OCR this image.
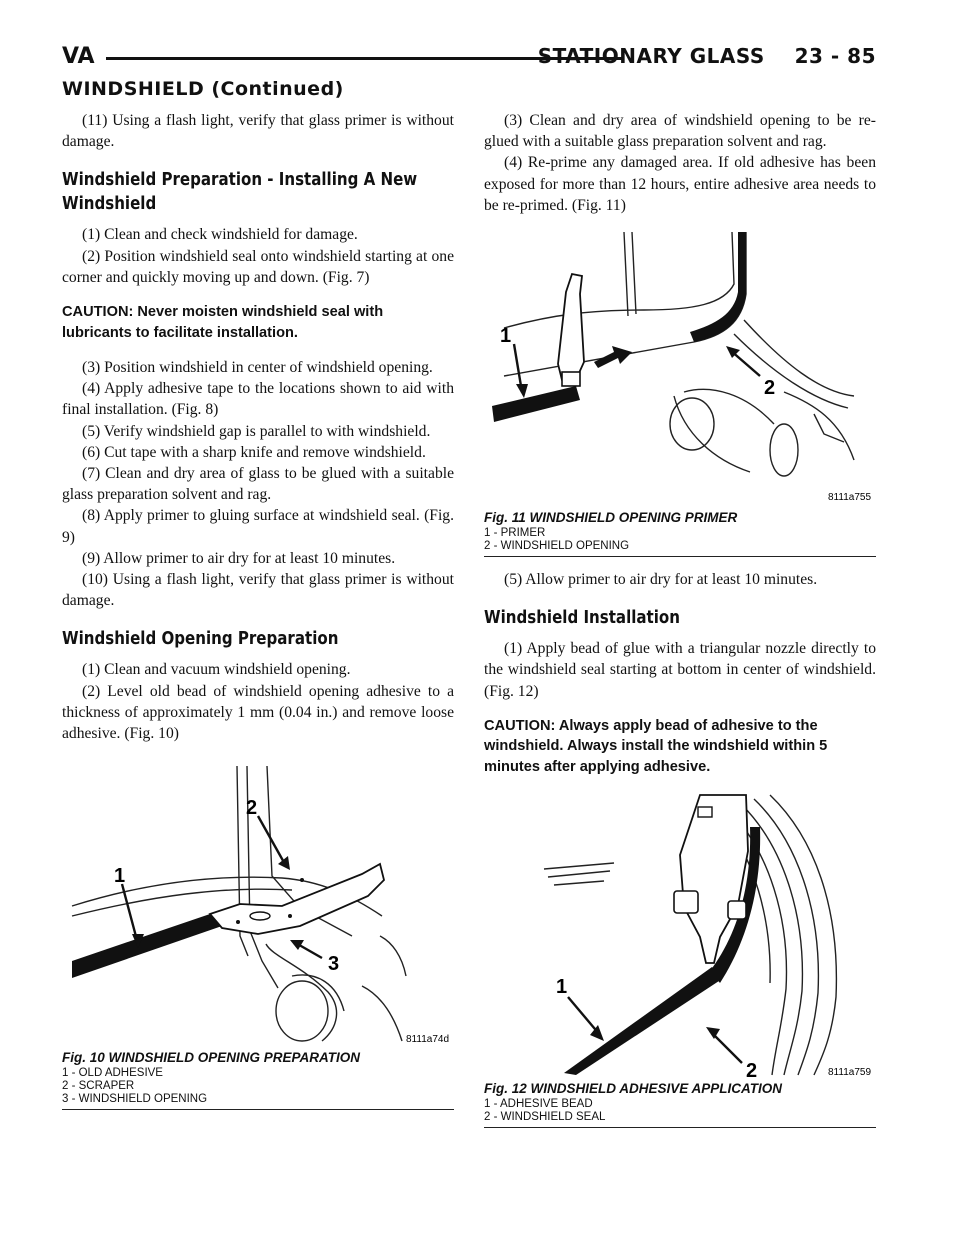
VA	STATIONARY GLASS    23 - 85
WINDSHIELD (Continued)

(11) Using a flash light, verify that glass primer is without damage.

Windshield Preparation - Installing A New Windshield

(1) Clean and check windshield for damage.

(2) Position windshield seal onto windshield starting at one corner and quickly moving up and down. (Fig. 7)

CAUTION: Never moisten windshield seal with lubricants to facilitate installation.

(3) Position windshield in center of windshield opening.

(4) Apply adhesive tape to the locations shown to aid with final installation. (Fig. 8)

(5) Verify windshield gap is parallel to with windshield.

(6) Cut tape with a sharp knife and remove windshield.

(7) Clean and dry area of glass to be glued with a suitable glass preparation solvent and rag.

(8) Apply primer to gluing surface at windshield seal. (Fig. 9)

(9) Allow primer to air dry for at least 10 minutes.

(10) Using a flash light, verify that glass primer is without damage.

Windshield Opening Preparation

(1) Clean and vacuum windshield opening.

(2) Level old bead of windshield opening adhesive to a thickness of approximately 1 mm (0.04 in.) and remove loose adhesive. (Fig. 10)

1
2
3
8111a74d
Fig. 10 WINDSHIELD OPENING PREPARATION
1 - OLD ADHESIVE
2 - SCRAPER
3 - WINDSHIELD OPENING

(3) Clean and dry area of windshield opening to be re-glued with a suitable glass preparation solvent and rag.

(4) Re-prime any damaged area. If old adhesive has been exposed for more than 12 hours, entire adhesive area needs to be re-primed. (Fig. 11)

1
2
8111a755
Fig. 11 WINDSHIELD OPENING PRIMER
1 - PRIMER
2 - WINDSHIELD OPENING

(5) Allow primer to air dry for at least 10 minutes.

Windshield Installation

(1) Apply bead of glue with a triangular nozzle directly to the windshield seal starting at bottom in center of windshield. (Fig. 12)

CAUTION: Always apply bead of adhesive to the windshield. Always install the windshield within 5 minutes after applying adhesive.

1
2	8111a759
Fig. 12 WINDSHIELD ADHESIVE APPLICATION
1 - ADHESIVE BEAD
2 - WINDSHIELD SEAL
